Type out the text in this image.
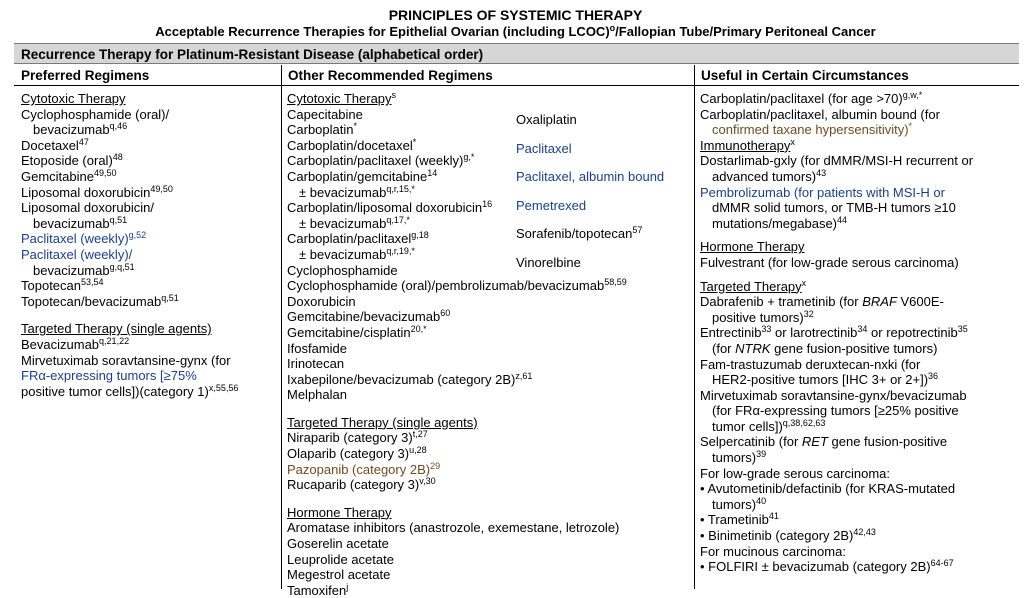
PRINCIPLES OF SYSTEMIC THERAPY
Acceptable Recurrence Therapies for Epithelial Ovarian (including LCOC)$^o$/Fallopian Tube/Primary Peritoneal Cancer
Recurrence Therapy for Platinum-Resistant Disease (alphabetical order)
Preferred Regimens	Other Recommended Regimens	Useful in Certain Circumstances

Cytotoxic Therapy

Cyclophosphamide (oral)/

bevacizumab$^{q,46}$

Docetaxel$^{47}$

Etoposide (oral)$^{48}$

Gemcitabine$^{49,50}$

Liposomal doxorubicin$^{49,50}$

Liposomal doxorubicin/

bevacizumab$^{q,51}$

Paclitaxel (weekly)$^{g,52}$

Paclitaxel (weekly)/

bevacizumab$^{g,q,51}$

Topotecan$^{53,54}$

Topotecan/bevacizumab$^{q,51}$

Targeted Therapy (single agents)

Bevacizumab$^{q,21,22}$

Mirvetuximab soravtansine-gynx (for

FRα-expressing tumors [≥75%

positive tumor cells])(category 1)$^{x,55,56}$

Cytotoxic Therapy$^s$

Capecitabine

Carboplatin*

Carboplatin/docetaxel*

Carboplatin/paclitaxel (weekly)$^{g,*}$

Carboplatin/gemcitabine$^{14}$

± bevacizumab$^{q,r,15,*}$

Carboplatin/liposomal doxorubicin$^{16}$

± bevacizumab$^{q,17,*}$

Carboplatin/paclitaxel$^{g,18}$

± bevacizumab$^{q,r,19,*}$

Cyclophosphamide

Cyclophosphamide (oral)/pembrolizumab/bevacizumab$^{58,59}$

Doxorubicin

Gemcitabine/bevacizumab$^{60}$

Gemcitabine/cisplatin$^{20,*}$

Ifosfamide

Irinotecan

Ixabepilone/bevacizumab (category 2B)$^{z,61}$

Melphalan

Targeted Therapy (single agents)

Niraparib (category 3)$^{t,27}$

Olaparib (category 3)$^{u,28}$

Pazopanib (category 2B)$^{29}$

Rucaparib (category 3)$^{v,30}$

Hormone Therapy

Aromatase inhibitors (anastrozole, exemestane, letrozole)

Goserelin acetate

Leuprolide acetate

Megestrol acetate

Tamoxifen$^j$

Oxaliplatin

Paclitaxel

Paclitaxel, albumin bound

Pemetrexed

Sorafenib/topotecan$^{57}$

Vinorelbine

Carboplatin/paclitaxel (for age >70)$^{g,w,*}$

Carboplatin/paclitaxel, albumin bound (for

confirmed taxane hypersensitivity)*

Immunotherapy$^x$

Dostarlimab-gxly (for dMMR/MSI-H recurrent or

advanced tumors)$^{43}$

Pembrolizumab (for patients with MSI-H or

dMMR solid tumors, or TMB-H tumors ≥10

mutations/megabase)$^{44}$

Hormone Therapy

Fulvestrant (for low-grade serous carcinoma)

Targeted Therapy$^x$

Dabrafenib + trametinib (for BRAF V600E-

positive tumors)$^{32}$

Entrectinib$^{33}$ or larotrectinib$^{34}$ or repotrectinib$^{35}$

(for NTRK gene fusion-positive tumors)

Fam-trastuzumab deruxtecan-nxki (for

HER2-positive tumors [IHC 3+ or 2+])$^{36}$

Mirvetuximab soravtansine-gynx/bevacizumab

(for FRα-expressing tumors [≥25% positive

tumor cells])$^{q,38,62,63}$

Selpercatinib (for RET gene fusion-positive

tumors)$^{39}$

For low-grade serous carcinoma:

• Avutometinib/defactinib (for KRAS-mutated

tumors)$^{40}$

• Trametinib$^{41}$

• Binimetinib (category 2B)$^{42,43}$

For mucinous carcinoma:

• FOLFIRI ± bevacizumab (category 2B)$^{64-67}$
